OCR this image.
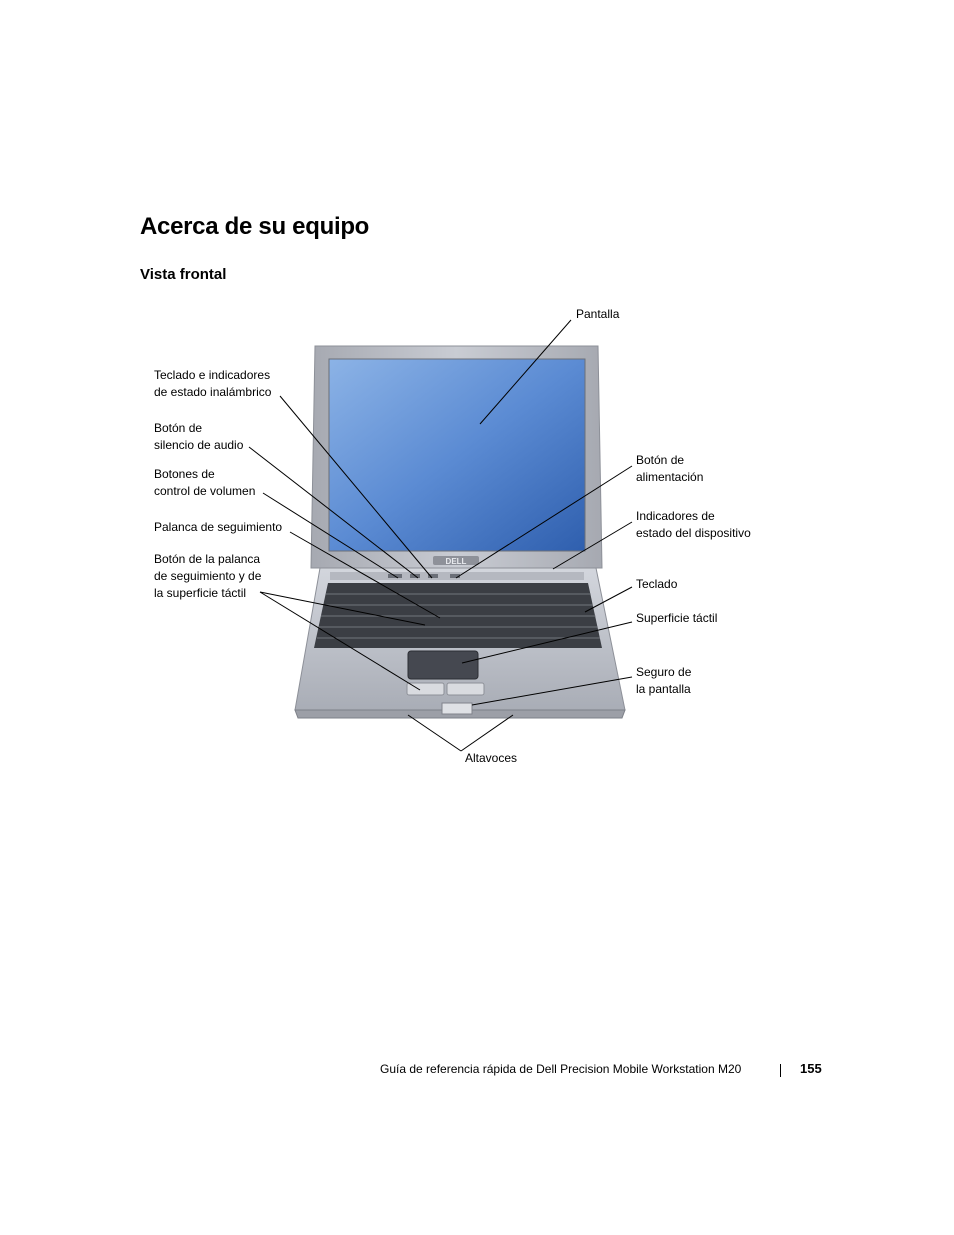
Acerca de su equipo
Vista frontal
DELL
Pantalla
Teclado e indicadores
de estado inalámbrico
Botón de
silencio de audio
Botones de
control de volumen
Palanca de seguimiento
Botón de la palanca
de seguimiento y de
la superficie táctil
Botón de
alimentación
Indicadores de
estado del dispositivo
Teclado
Superficie táctil
Seguro de
la pantalla
Altavoces
Guía de referencia rápida de Dell Precision Mobile Workstation M20	155
